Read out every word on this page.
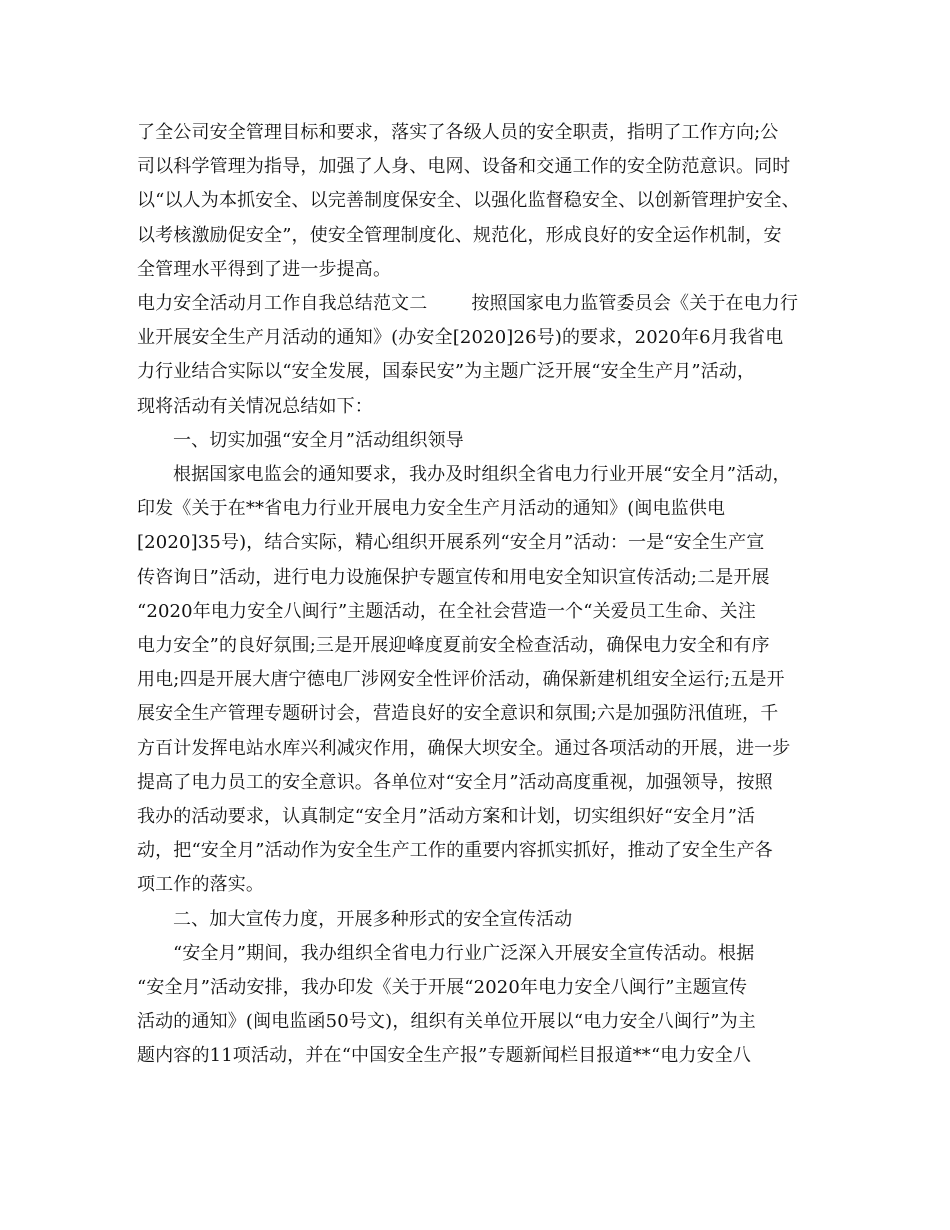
了全公司安全管理目标和要求，落实了各级人员的安全职责，指明了工作方向;公
司以科学管理为指导，加强了人身、电网、设备和交通工作的安全防范意识。同时
以“以人为本抓安全、以完善制度保安全、以强化监督稳安全、以创新管理护安全、
以考核激励促安全”，使安全管理制度化、规范化，形成良好的安全运作机制，安
全管理水平得到了进一步提高。
电力安全活动月工作自我总结范文二 按照国家电力监管委员会《关于在电力行
业开展安全生产月活动的通知》(办安全[2020]26号)的要求，2020年6月我省电
力行业结合实际以“安全发展，国泰民安”为主题广泛开展“安全生产月”活动，
现将活动有关情况总结如下：
一、切实加强“安全月”活动组织领导
根据国家电监会的通知要求，我办及时组织全省电力行业开展“安全月”活动，
印发《关于在**省电力行业开展电力安全生产月活动的通知》(闽电监供电
[2020]35号)，结合实际，精心组织开展系列“安全月”活动：一是“安全生产宣
传咨询日”活动，进行电力设施保护专题宣传和用电安全知识宣传活动;二是开展
“2020年电力安全八闽行”主题活动，在全社会营造一个“关爱员工生命、关注
电力安全”的良好氛围;三是开展迎峰度夏前安全检查活动，确保电力安全和有序
用电;四是开展大唐宁德电厂涉网安全性评价活动，确保新建机组安全运行;五是开
展安全生产管理专题研讨会，营造良好的安全意识和氛围;六是加强防汛值班，千
方百计发挥电站水库兴利减灾作用，确保大坝安全。通过各项活动的开展，进一步
提高了电力员工的安全意识。各单位对“安全月”活动高度重视，加强领导，按照
我办的活动要求，认真制定“安全月”活动方案和计划，切实组织好“安全月”活
动，把“安全月”活动作为安全生产工作的重要内容抓实抓好，推动了安全生产各
项工作的落实。
二、加大宣传力度，开展多种形式的安全宣传活动
“安全月”期间，我办组织全省电力行业广泛深入开展安全宣传活动。根据
“安全月”活动安排，我办印发《关于开展“2020年电力安全八闽行”主题宣传
活动的通知》(闽电监函50号文)，组织有关单位开展以“电力安全八闽行”为主
题内容的11项活动，并在“中国安全生产报”专题新闻栏目报道**“电力安全八
